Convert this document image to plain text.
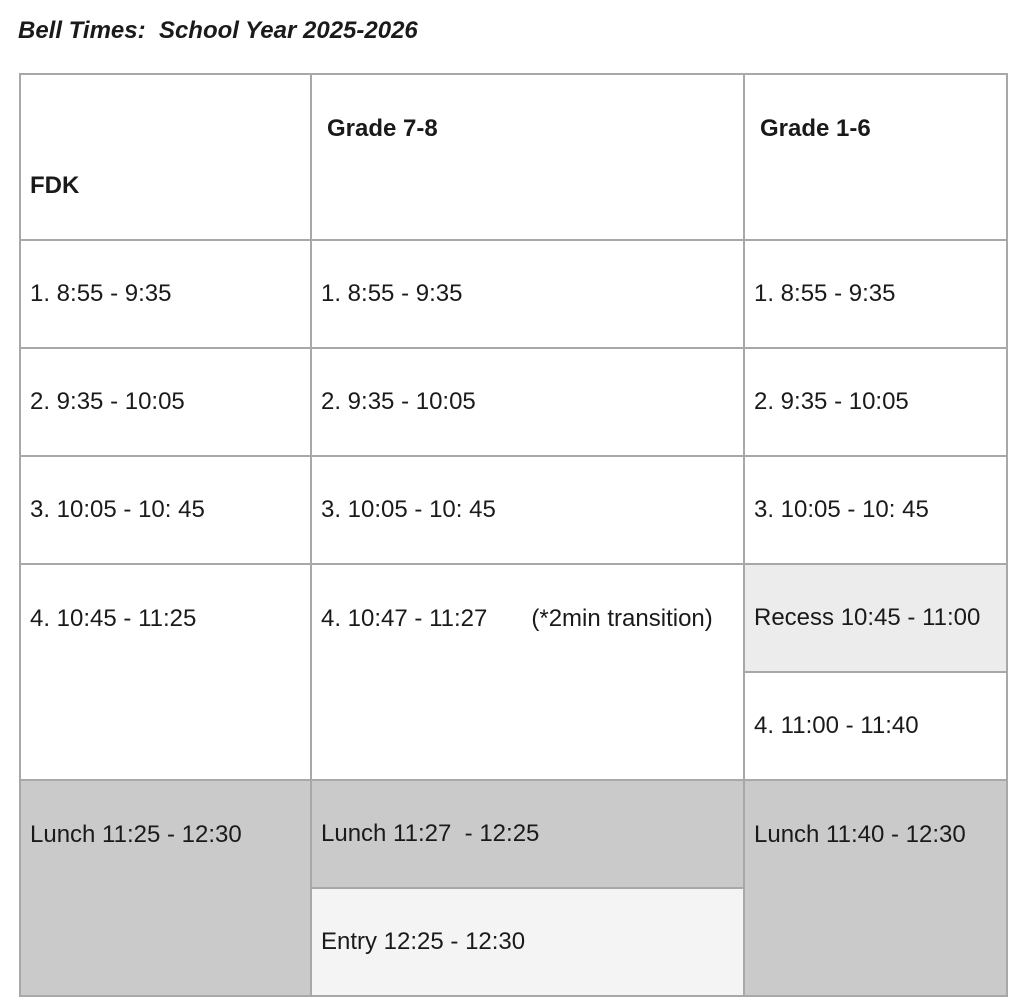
Bell Times:  School Year 2025-2026
FDK	Grade 7-8	Grade 1-6
1. 8:55 - 9:35	1. 8:55 - 9:35	1. 8:55 - 9:35
2. 9:35 - 10:05	2. 9:35 - 10:05	2. 9:35 - 10:05
3. 10:05 - 10: 45	3. 10:05 - 10: 45	3. 10:05 - 10: 45
4. 10:45 - 11:25	4. 10:47 - 11:27 (*2min transition)	Recess 10:45 - 11:00
		4. 11:00 - 11:40
Lunch 11:25 - 12:30	Lunch 11:27  - 12:25	Lunch 11:40 - 12:30
	Entry 12:25 - 12:30	
